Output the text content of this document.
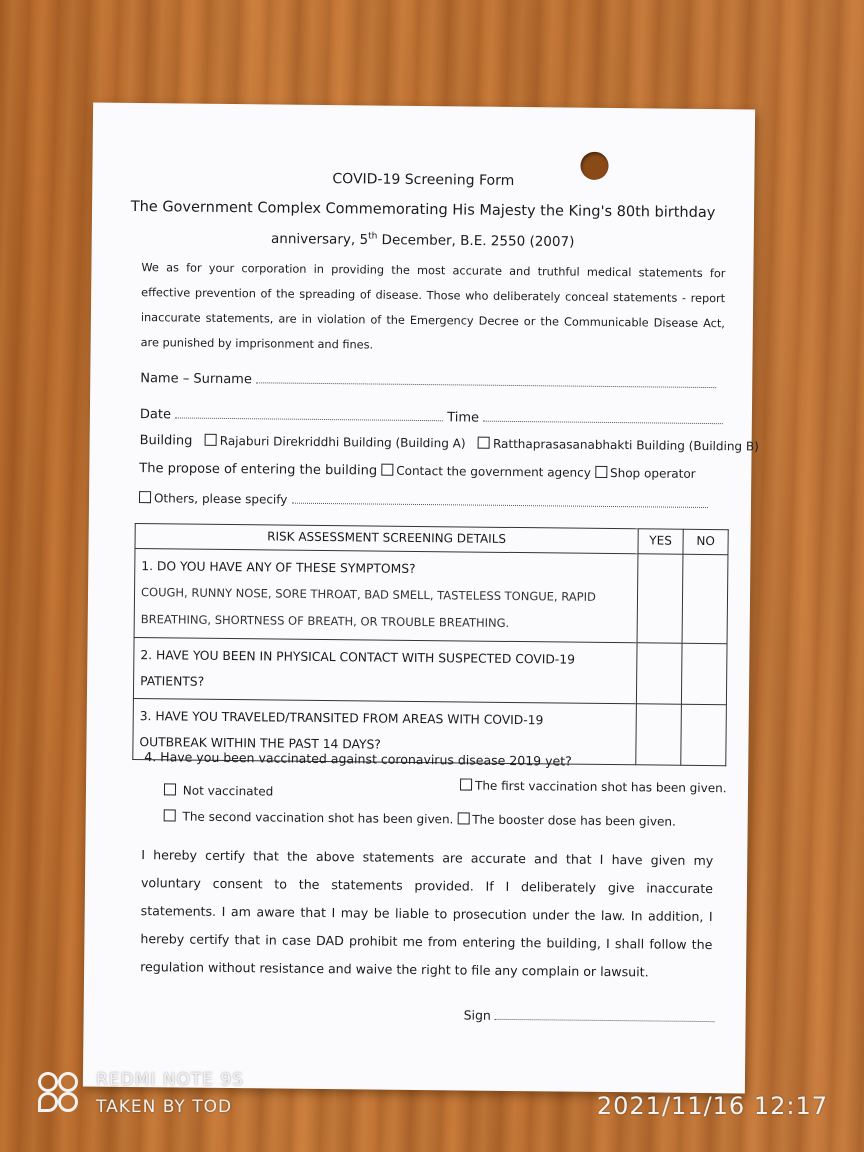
COVID-19 Screening Form
The Government Complex Commemorating His Majesty the King's 80th birthday
anniversary, 5th December, B.E. 2550 (2007)
We as for your corporation in providing the most accurate and truthful medical statements for effective prevention of the spreading of disease. Those who deliberately conceal statements - report inaccurate statements, are in violation of the Emergency Decree or the Communicable Disease Act, are punished by imprisonment and fines.
Name – Surname
Date	Time
Building Rajaburi Direkriddhi Building (Building A) Ratthaprasasanabhakti Building (Building B)
The propose of entering the building Contact the government agency Shop operator
Others, please specify
RISK ASSESSMENT SCREENING DETAILS	YES	NO

1. DO YOU HAVE ANY OF THESE SYMPTOMS?
COUGH, RUNNY NOSE, SORE THROAT, BAD SMELL, TASTELESS TONGUE, RAPID
BREATHING, SHORTNESS OF BREATH, OR TROUBLE BREATHING.		

2. HAVE YOU BEEN IN PHYSICAL CONTACT WITH SUSPECTED COVID-19 PATIENTS?		

3. HAVE YOU TRAVELED/TRANSITED FROM AREAS WITH COVID-19
OUTBREAK WITHIN THE PAST 14 DAYS?		

4. Have you been vaccinated against coronavirus disease 2019 yet?
The first vaccination shot has been given.
Not vaccinated
The second vaccination shot has been given. The booster dose has been given.
I hereby certify that the above statements are accurate and that I have given my voluntary consent to the statements provided. If I deliberately give inaccurate statements. I am aware that I may be liable to prosecution under the law. In addition, I hereby certify that in case DAD prohibit me from entering the building, I shall follow the regulation without resistance and waive the right to file any complain or lawsuit.
Sign
REDMI NOTE 9S
TAKEN BY TOD	2021/11/16 12:17
